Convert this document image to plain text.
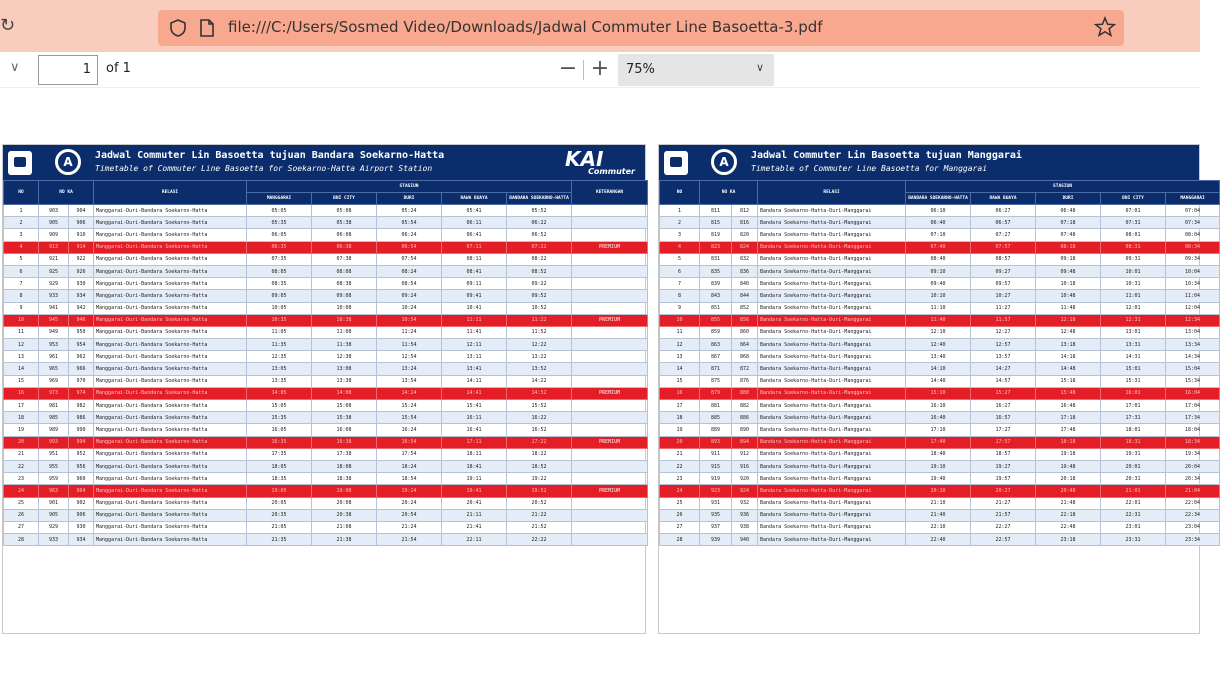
↻	file:///C:/Users/Sosmed Video/Downloads/Jadwal Commuter Line Basoetta-3.pdf
∨	1	of 1	− +	75%	∨
A	Jadwal Commuter Lin Basoetta tujuan Bandara Soekarno-Hatta
Timetable of Commuter Line Basoetta for Soekarno-Hatta Airport Station	KAI
Commuter
NO	NO KA		RELASI	STASIUN					KETERANGAN
				MANGGARAI	BNI CITY	DURI	RAWA BUAYA	BANDARA SOEKARNO-HATTA	
1	903	904	Manggarai-Duri-Bandara Soekarno-Hatta	05:05	05:08	05:24	05:41	05:52	
2	905	906	Manggarai-Duri-Bandara Soekarno-Hatta	05:35	05:38	05:54	06:11	06:22	
3	909	910	Manggarai-Duri-Bandara Soekarno-Hatta	06:05	06:08	06:24	06:41	06:52	
4	913	914	Manggarai-Duri-Bandara Soekarno-Hatta	06:35	06:38	06:54	07:11	07:22	PREMIUM
5	921	922	Manggarai-Duri-Bandara Soekarno-Hatta	07:35	07:38	07:54	08:11	08:22	
6	925	926	Manggarai-Duri-Bandara Soekarno-Hatta	08:05	08:08	08:24	08:41	08:52	
7	929	930	Manggarai-Duri-Bandara Soekarno-Hatta	08:35	08:38	08:54	09:11	09:22	
8	933	934	Manggarai-Duri-Bandara Soekarno-Hatta	09:05	09:08	09:24	09:41	09:52	
9	941	942	Manggarai-Duri-Bandara Soekarno-Hatta	10:05	10:08	10:24	10:41	10:52	
10	945	946	Manggarai-Duri-Bandara Soekarno-Hatta	10:35	10:38	10:54	11:11	11:22	PREMIUM
11	949	950	Manggarai-Duri-Bandara Soekarno-Hatta	11:05	11:08	11:24	11:41	11:52	
12	953	954	Manggarai-Duri-Bandara Soekarno-Hatta	11:35	11:38	11:54	12:11	12:22	
13	961	962	Manggarai-Duri-Bandara Soekarno-Hatta	12:35	12:38	12:54	13:11	13:22	
14	965	966	Manggarai-Duri-Bandara Soekarno-Hatta	13:05	13:08	13:24	13:41	13:52	
15	969	970	Manggarai-Duri-Bandara Soekarno-Hatta	13:35	13:38	13:54	14:11	14:22	
16	973	974	Manggarai-Duri-Bandara Soekarno-Hatta	14:05	14:08	14:24	14:41	14:52	PREMIUM
17	981	982	Manggarai-Duri-Bandara Soekarno-Hatta	15:05	15:08	15:24	15:41	15:52	
18	985	986	Manggarai-Duri-Bandara Soekarno-Hatta	15:35	15:38	15:54	16:11	16:22	
19	989	990	Manggarai-Duri-Bandara Soekarno-Hatta	16:05	16:08	16:24	16:41	16:52	
20	993	994	Manggarai-Duri-Bandara Soekarno-Hatta	16:35	16:38	16:54	17:11	17:22	PREMIUM
21	951	952	Manggarai-Duri-Bandara Soekarno-Hatta	17:35	17:38	17:54	18:11	18:22	
22	955	956	Manggarai-Duri-Bandara Soekarno-Hatta	18:05	18:08	18:24	18:41	18:52	
23	959	960	Manggarai-Duri-Bandara Soekarno-Hatta	18:35	18:38	18:54	19:11	19:22	
24	963	964	Manggarai-Duri-Bandara Soekarno-Hatta	19:05	19:08	19:24	19:41	19:52	PREMIUM
25	901	902	Manggarai-Duri-Bandara Soekarno-Hatta	20:05	20:08	20:24	20:41	20:52	
26	905	906	Manggarai-Duri-Bandara Soekarno-Hatta	20:35	20:38	20:54	21:11	21:22	
27	929	930	Manggarai-Duri-Bandara Soekarno-Hatta	21:05	21:08	21:24	21:41	21:52	
28	933	934	Manggarai-Duri-Bandara Soekarno-Hatta	21:35	21:38	21:54	22:11	22:22	
A	Jadwal Commuter Lin Basoetta tujuan Manggarai
Timetable of Commuter Line Basoetta for Manggarai
NO	NO KA		RELASI	STASIUN				
				BANDARA SOEKARNO-HATTA	RAWA BUAYA	DURI	BNI CITY	MANGGARAI
1	811	812	Bandara Soekarno-Hatta-Duri-Manggarai	06:10	06:27	06:48	07:01	07:04
2	815	816	Bandara Soekarno-Hatta-Duri-Manggarai	06:40	06:57	07:18	07:31	07:34
3	819	820	Bandara Soekarno-Hatta-Duri-Manggarai	07:10	07:27	07:48	08:01	08:04
4	823	824	Bandara Soekarno-Hatta-Duri-Manggarai	07:40	07:57	08:18	08:31	08:34
5	831	832	Bandara Soekarno-Hatta-Duri-Manggarai	08:40	08:57	09:18	09:31	09:34
6	835	836	Bandara Soekarno-Hatta-Duri-Manggarai	09:10	09:27	09:48	10:01	10:04
7	839	840	Bandara Soekarno-Hatta-Duri-Manggarai	09:40	09:57	10:18	10:31	10:34
8	843	844	Bandara Soekarno-Hatta-Duri-Manggarai	10:10	10:27	10:48	11:01	11:04
9	851	852	Bandara Soekarno-Hatta-Duri-Manggarai	11:10	11:27	11:48	12:01	12:04
10	855	856	Bandara Soekarno-Hatta-Duri-Manggarai	11:40	11:57	12:18	12:31	12:34
11	859	860	Bandara Soekarno-Hatta-Duri-Manggarai	12:10	12:27	12:48	13:01	13:04
12	863	864	Bandara Soekarno-Hatta-Duri-Manggarai	12:40	12:57	13:18	13:31	13:34
13	867	868	Bandara Soekarno-Hatta-Duri-Manggarai	13:40	13:57	14:18	14:31	14:34
14	871	872	Bandara Soekarno-Hatta-Duri-Manggarai	14:10	14:27	14:48	15:01	15:04
15	875	876	Bandara Soekarno-Hatta-Duri-Manggarai	14:40	14:57	15:18	15:31	15:34
16	879	880	Bandara Soekarno-Hatta-Duri-Manggarai	15:10	15:27	15:48	16:01	16:04
17	881	882	Bandara Soekarno-Hatta-Duri-Manggarai	16:10	16:27	16:48	17:01	17:04
18	885	886	Bandara Soekarno-Hatta-Duri-Manggarai	16:40	16:57	17:18	17:31	17:34
19	889	890	Bandara Soekarno-Hatta-Duri-Manggarai	17:10	17:27	17:48	18:01	18:04
20	893	894	Bandara Soekarno-Hatta-Duri-Manggarai	17:40	17:57	18:18	18:31	18:34
21	911	912	Bandara Soekarno-Hatta-Duri-Manggarai	18:40	18:57	19:18	19:31	19:34
22	915	916	Bandara Soekarno-Hatta-Duri-Manggarai	19:10	19:27	19:48	20:01	20:04
23	919	920	Bandara Soekarno-Hatta-Duri-Manggarai	19:40	19:57	20:18	20:31	20:34
24	923	924	Bandara Soekarno-Hatta-Duri-Manggarai	20:10	20:27	20:48	21:01	21:04
25	931	932	Bandara Soekarno-Hatta-Duri-Manggarai	21:10	21:27	21:48	22:01	22:04
26	935	936	Bandara Soekarno-Hatta-Duri-Manggarai	21:40	21:57	22:18	22:31	22:34
27	937	938	Bandara Soekarno-Hatta-Duri-Manggarai	22:10	22:27	22:48	23:01	23:04
28	939	940	Bandara Soekarno-Hatta-Duri-Manggarai	22:40	22:57	23:18	23:31	23:34
